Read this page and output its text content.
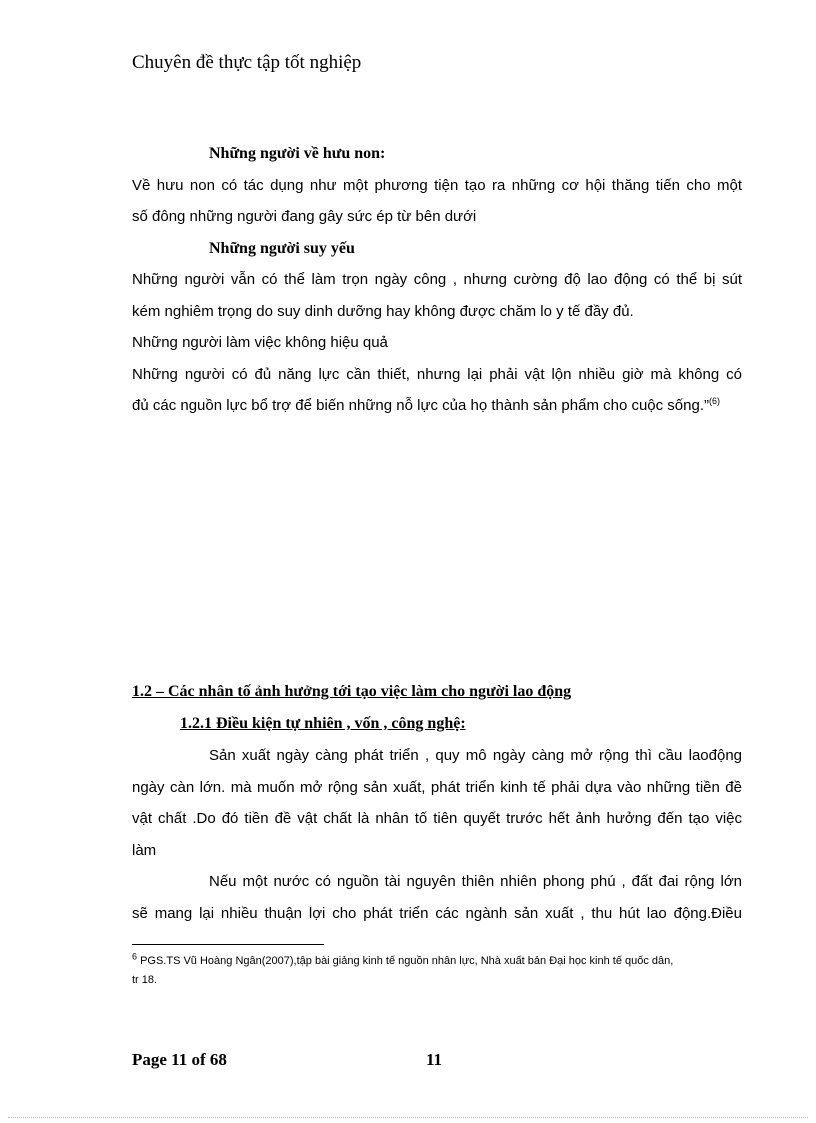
Chuyên đề thực tập tốt nghiệp
Những người về hưu non:
Về hưu non có tác dụng như một phương tiện tạo ra những cơ hội thăng tiến cho một
số đông những người đang gây sức ép từ bên dưới
Những người suy yếu
Những người vẫn có thể làm trọn ngày công , nhưng cường độ lao động có thể bị sút
kém nghiêm trọng do suy dinh dưỡng hay không được chăm lo y tế đầy đủ.
Những người làm việc không hiệu quả
Những người có đủ năng lực cần thiết, nhưng lại phải vật lộn nhiều giờ mà không có
đủ các nguồn lực bổ trợ để biến những nỗ lực của họ thành sản phẩm cho cuộc sống.”$^{(6)}$
1.2 – Các nhân tố ảnh hưởng tới tạo việc làm cho người lao động
1.2.1 Điều kiện tự nhiên , vốn , công nghệ:
Sản xuất ngày càng phát triển , quy mô ngày càng mở rộng thì cầu laođộng
ngày càn lớn. mà muốn mở rộng sản xuất, phát triển kinh tế phải dựa vào những tiền đề
vật chất .Do đó tiền đề vật chất là nhân tố tiên quyết trước hết ảnh hưởng đến tạo việc
làm
Nếu một nước có nguồn tài nguyên thiên nhiên phong phú , đất đai rộng lớn
sẽ mang lại nhiều thuận lợi cho phát triển các ngành sản xuất , thu hút lao động.Điều
$^6$ PGS.TS Vũ Hoàng Ngân(2007),tập bài giảng kinh tế nguồn nhân lực, Nhà xuất bản Đại học kinh tế quốc dân,
tr 18.
Page 11 of 68	11
